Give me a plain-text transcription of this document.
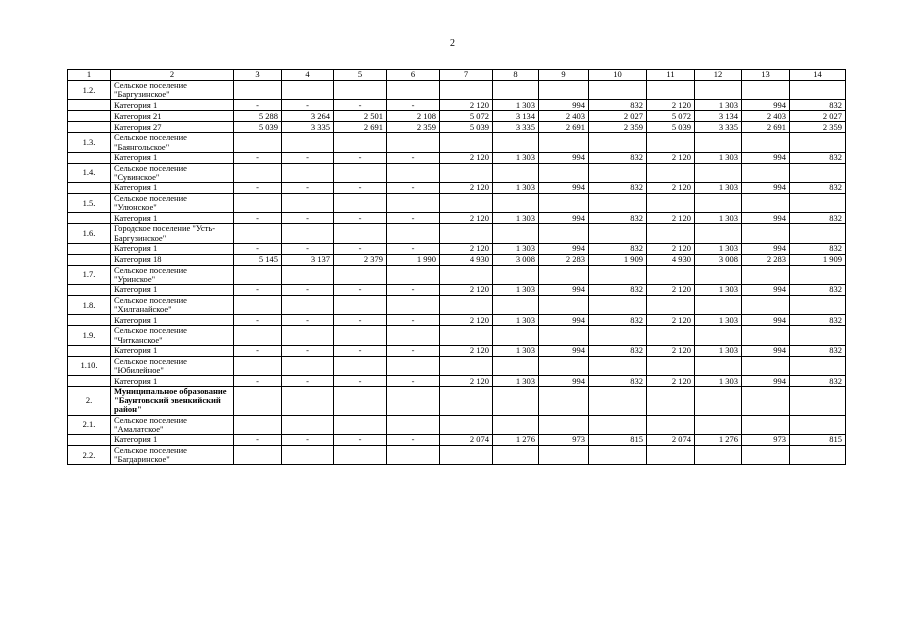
2
1	2	3	4	5	6	7	8	9	10	11	12	13	14
1.2.	Сельское поселение "Баргузинское"												
	Категория 1	-	-	-	-	2 120	1 303	994	832	2 120	1 303	994	832
	Категория 21	5 288	3 264	2 501	2 108	5 072	3 134	2 403	2 027	5 072	3 134	2 403	2 027
	Категория 27	5 039	3 335	2 691	2 359	5 039	3 335	2 691	2 359	5 039	3 335	2 691	2 359
1.3.	Сельское поселение "Баянгольское"												
	Категория 1	-	-	-	-	2 120	1 303	994	832	2 120	1 303	994	832
1.4.	Сельское поселение "Сувинское"												
	Категория 1	-	-	-	-	2 120	1 303	994	832	2 120	1 303	994	832
1.5.	Сельское поселение "Улюнское"												
	Категория 1	-	-	-	-	2 120	1 303	994	832	2 120	1 303	994	832
1.6.	Городское поселение "Усть-Баргузинское"												
	Категория 1	-	-	-	-	2 120	1 303	994	832	2 120	1 303	994	832
	Категория 18	5 145	3 137	2 379	1 990	4 930	3 008	2 283	1 909	4 930	3 008	2 283	1 909
1.7.	Сельское поселение "Уринское"												
	Категория 1	-	-	-	-	2 120	1 303	994	832	2 120	1 303	994	832
1.8.	Сельское поселение "Хилганайское"												
	Категория 1	-	-	-	-	2 120	1 303	994	832	2 120	1 303	994	832
1.9.	Сельское поселение "Читканское"												
	Категория 1	-	-	-	-	2 120	1 303	994	832	2 120	1 303	994	832
1.10.	Сельское поселение "Юбилейное"												
	Категория 1	-	-	-	-	2 120	1 303	994	832	2 120	1 303	994	832
2.	Муниципальное образование "Баунтовский эвенкийский район"												
2.1.	Сельское поселение "Амалатское"												
	Категория 1	-	-	-	-	2 074	1 276	973	815	2 074	1 276	973	815
2.2.	Сельское поселение "Багдаринское"												
